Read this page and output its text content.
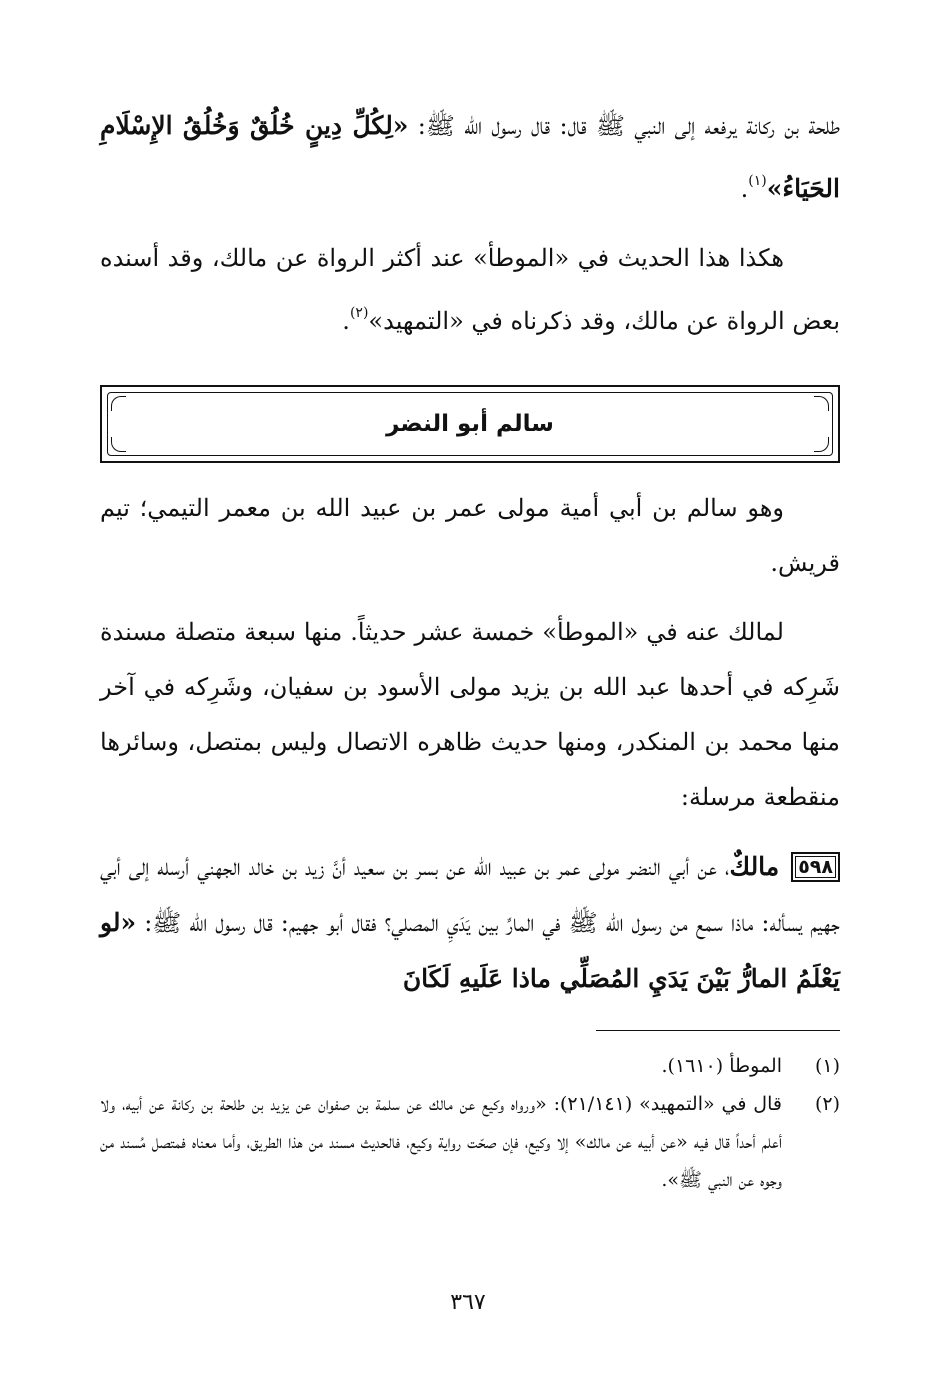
طلحة بن ركانة يرفعه إلى النبي ﷺ قال: قال رسول الله ﷺ: «لِكُلِّ دِينٍ خُلُقٌ وَخُلُقُ الإِسْلَامِ الحَيَاءُ»$^{(١)}$.

هكذا هذا الحديث في «الموطأ» عند أكثر الرواة عن مالك، وقد أسنده بعض الرواة عن مالك، وقد ذكرناه في «التمهيد»$^{(٢)}$.

سالم أبو النضر

وهو سالم بن أبي أمية مولى عمر بن عبيد الله بن معمر التيمي؛ تيم قريش.

لمالك عنه في «الموطأ» خمسة عشر حديثاً. منها سبعة متصلة مسندة شَرِكه في أحدها عبد الله بن يزيد مولى الأسود بن سفيان، وشَرِكه في آخر منها محمد بن المنكدر، ومنها حديث ظاهره الاتصال وليس بمتصل، وسائرها منقطعة مرسلة:

٥٩٨ مالكٌ، عن أبي النضر مولى عمر بن عبيد الله عن بسر بن سعيد أنَّ زيد بن خالد الجهني أرسله إلى أبي جهيم يسأله: ماذا سمع من رسول الله ﷺ في المارِّ بين يَدَيِ المصلي؟ فقال أبو جهيم: قال رسول الله ﷺ: «لو يَعْلَمُ المارُّ بَيْنَ يَدَيِ المُصَلِّي ماذا عَلَيهِ لَكَانَ

(١)
الموطأ (١٦١٠).
(٢)
قال في «التمهيد» (٢١/١٤١): «ورواه وكيع عن مالك عن سلمة بن صفوان عن يزيد بن طلحة بن ركانة عن أبيه، ولا أعلم أحداً قال فيه «عن أبيه عن مالك» إلا وكيع، فإن صحّت رواية وكيع، فالحديث مسند من هذا الطريق، وأما معناه فمتصل مُسند من وجوه عن النبي ﷺ».
٣٦٧
